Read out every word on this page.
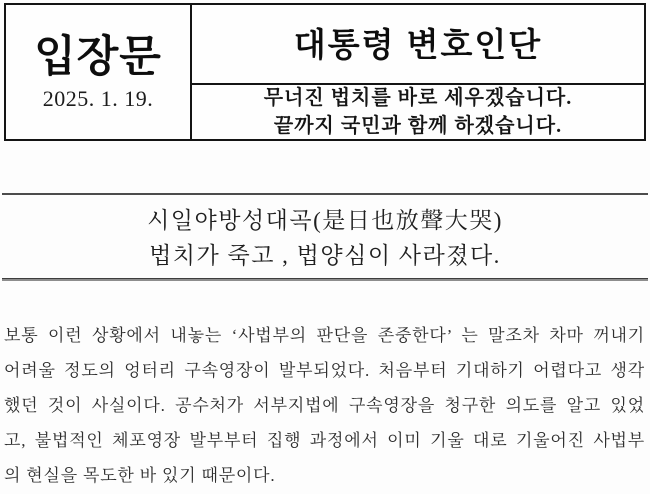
입장문
2025. 1. 19.
대통령 변호인단
무너진 법치를 바로 세우겠습니다.
끝까지 국민과 함께 하겠습니다.
시일야방성대곡(是日也放聲大哭)
법치가 죽고 , 법양심이 사라졌다.
보통 이런 상황에서 내놓는 ‘사법부의 판단을 존중한다’ 는 말조차 차마 꺼내기
어려울 정도의 엉터리 구속영장이 발부되었다. 처음부터 기대하기 어렵다고 생각
했던 것이 사실이다. 공수처가 서부지법에 구속영장을 청구한 의도를 알고 있었
고, 불법적인 체포영장 발부부터 집행 과정에서 이미 기울 대로 기울어진 사법부
의 현실을 목도한 바 있기 때문이다.
